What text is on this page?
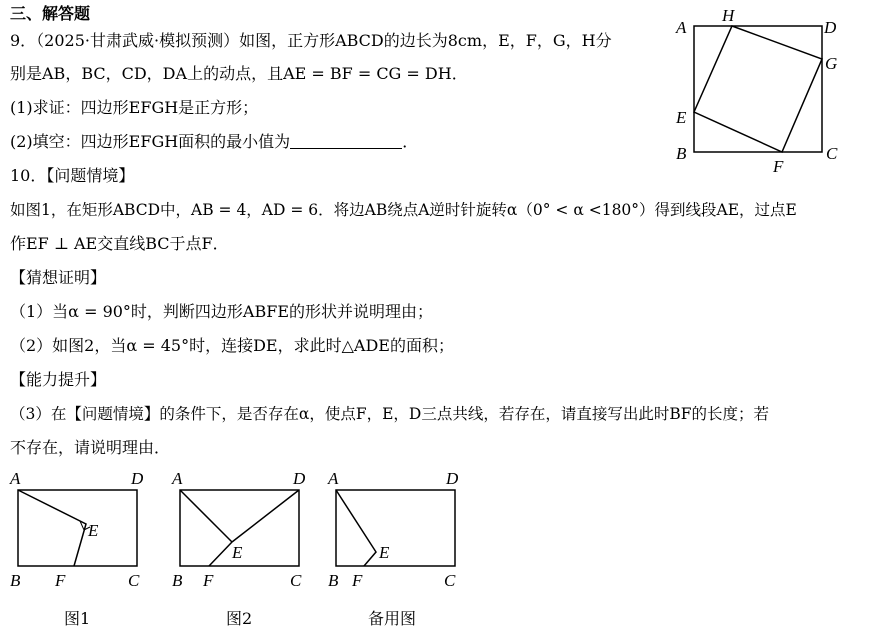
三、解答题
9．（2025·甘肃武威·模拟预测）如图，正方形ABCD的边长为8cm，E，F，G，H分
别是AB，BC，CD，DA上的动点，且AE = BF = CG = DH．
(1)求证：四边形EFGH是正方形；
(2)填空：四边形EFGH面积的最小值为	．
A
H
D
G
E
B
F
C
10．【问题情境】
如图1，在矩形ABCD中，AB = 4，AD = 6．将边AB绕点A逆时针旋转α（0° < α <180°）得到线段AE，过点E
作EF ⊥ AE交直线BC于点F．
【猜想证明】
（1）当α = 90°时，判断四边形ABFE的形状并说明理由；
（2）如图2，当α = 45°时，连接DE，求此时△ADE的面积；
【能力提升】
（3）在【问题情境】的条件下，是否存在α，使点F，E，D三点共线，若存在，请直接写出此时BF的长度；若
不存在，请说明理由．
A	D
E
B F	C
A	D
E
B F	C
A	D
E
B F	C
图1	图2	备用图
